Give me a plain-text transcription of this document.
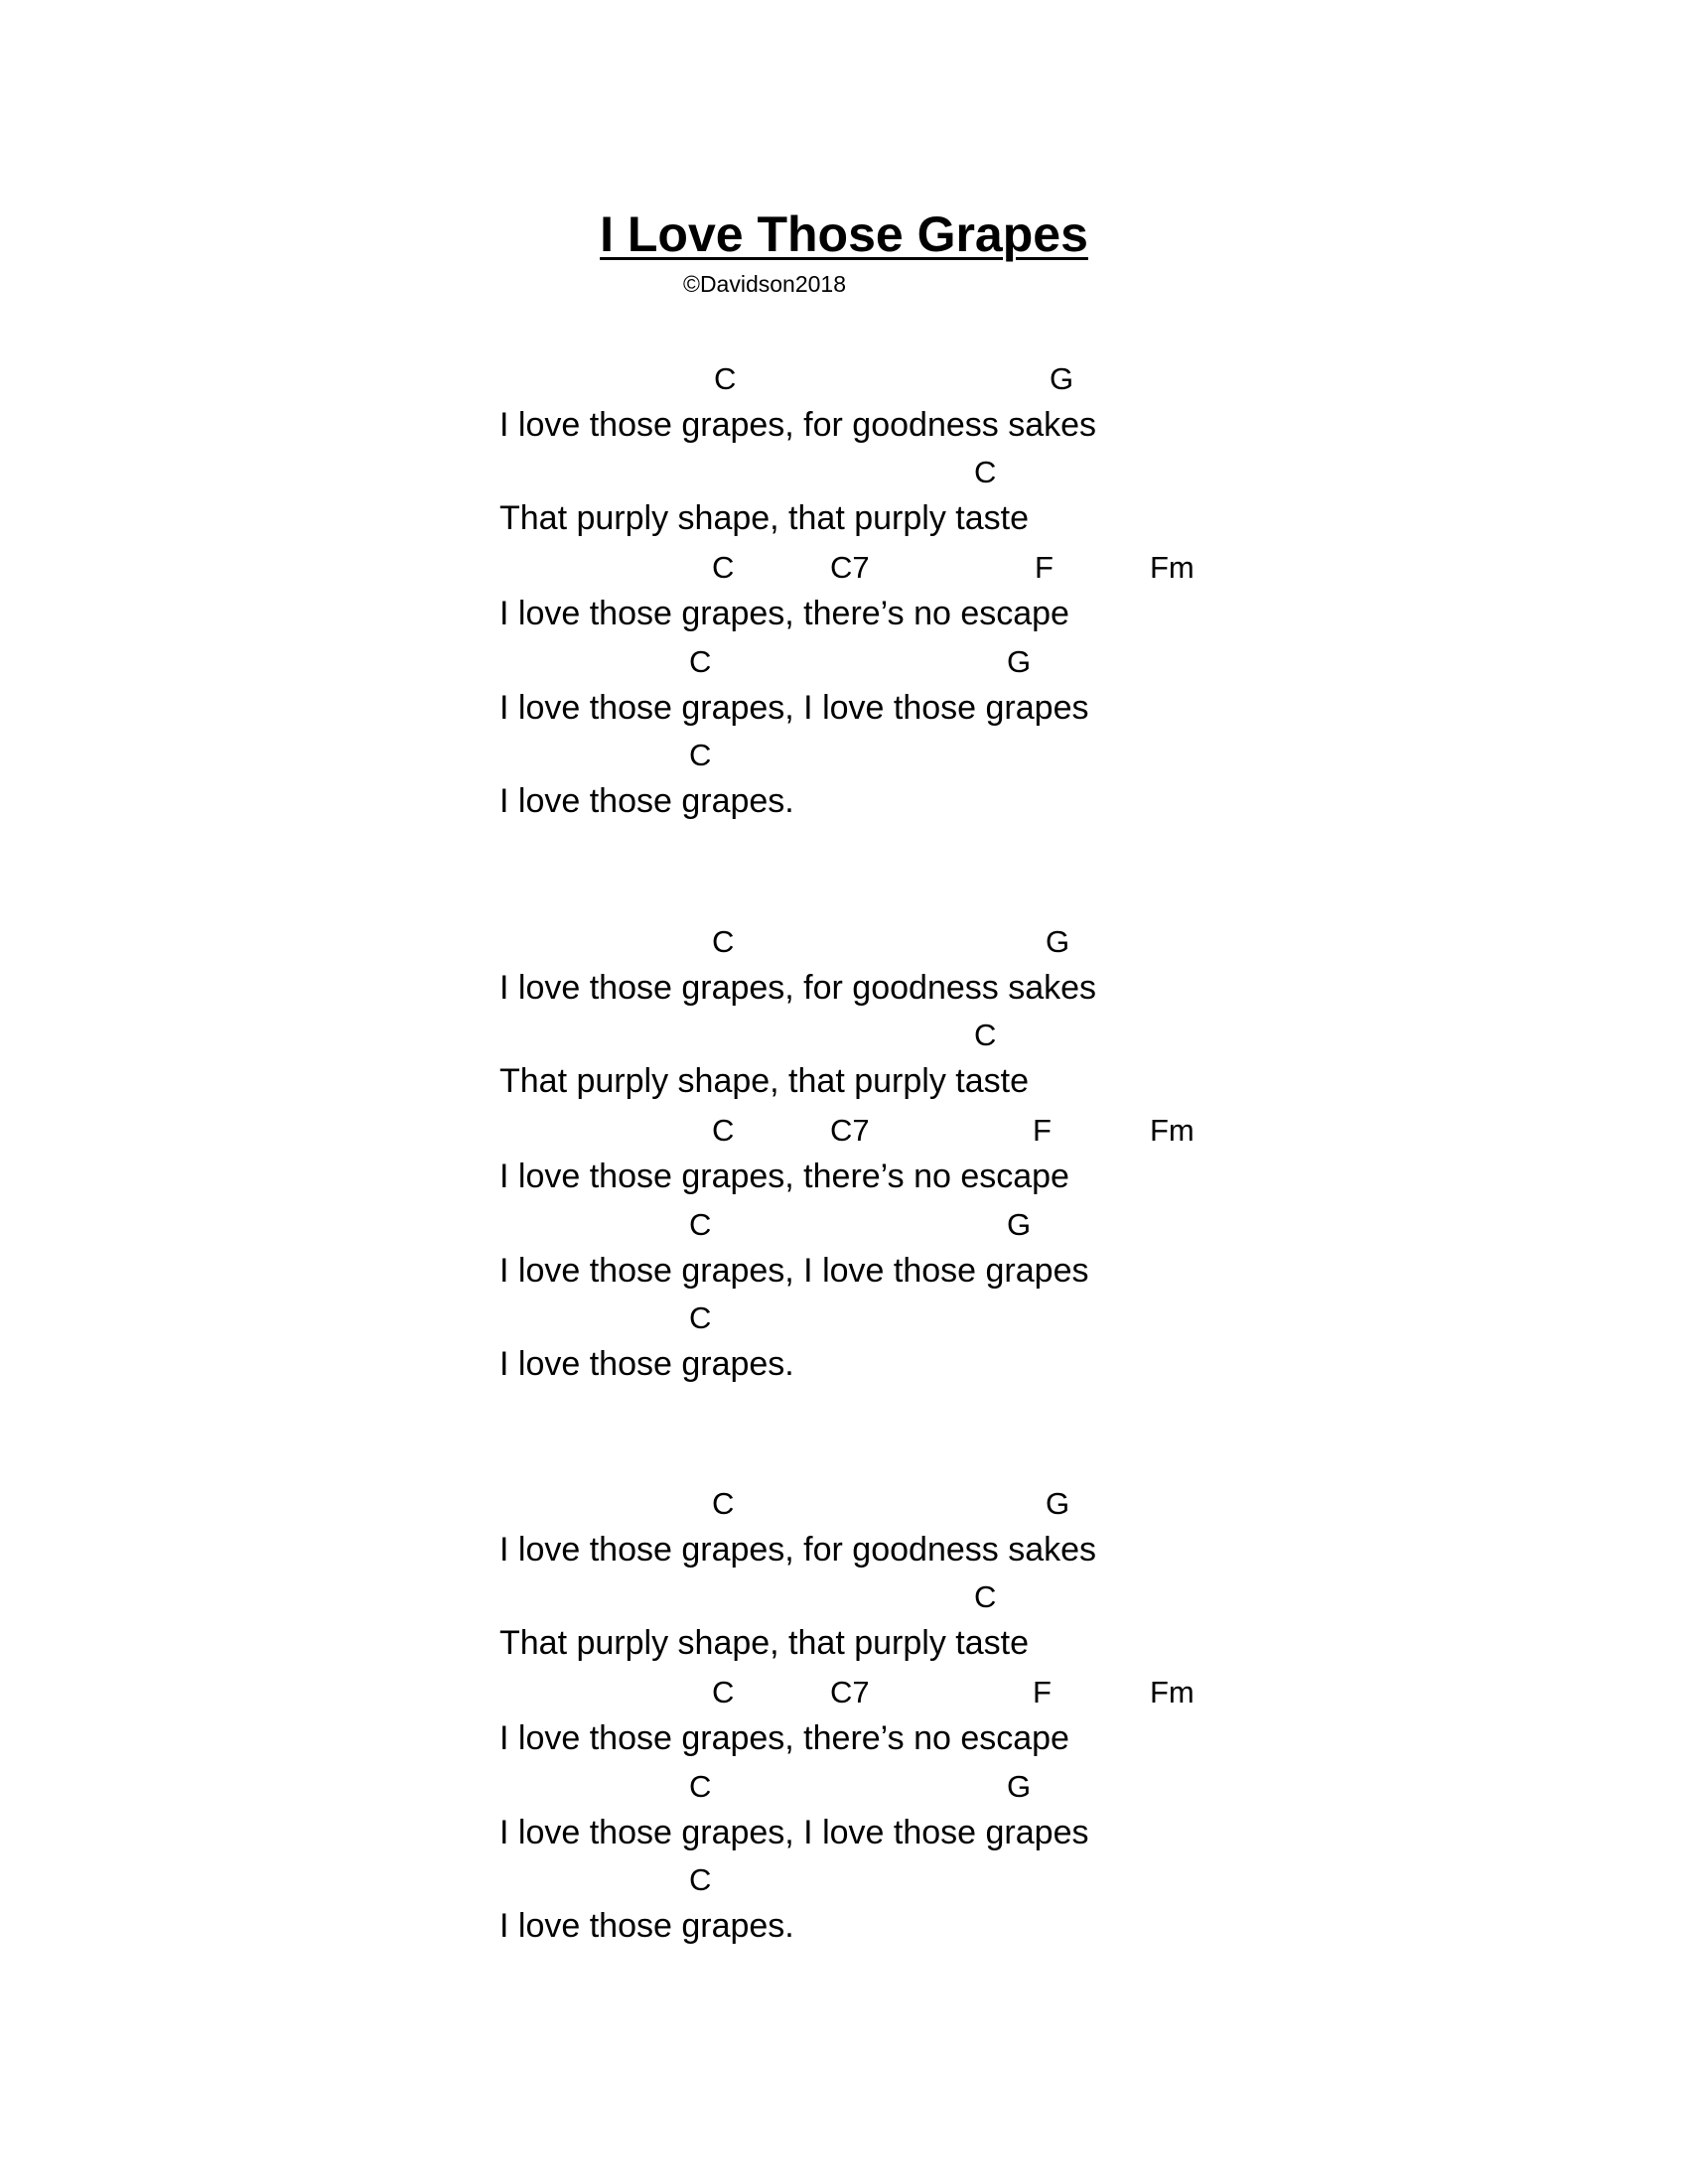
I Love Those Grapes
©Davidson2018
C	G
I love those grapes, for goodness sakes
C
That purply shape, that purply taste
C	C7	F	Fm
I love those grapes, there’s no escape
C	G
I love those grapes, I love those grapes
C
I love those grapes.
C	G
I love those grapes, for goodness sakes
C
That purply shape, that purply taste
C	C7	F	Fm
I love those grapes, there’s no escape
C	G
I love those grapes, I love those grapes
C
I love those grapes.
C	G
I love those grapes, for goodness sakes
C
That purply shape, that purply taste
C	C7	F	Fm
I love those grapes, there’s no escape
C	G
I love those grapes, I love those grapes
C
I love those grapes.
